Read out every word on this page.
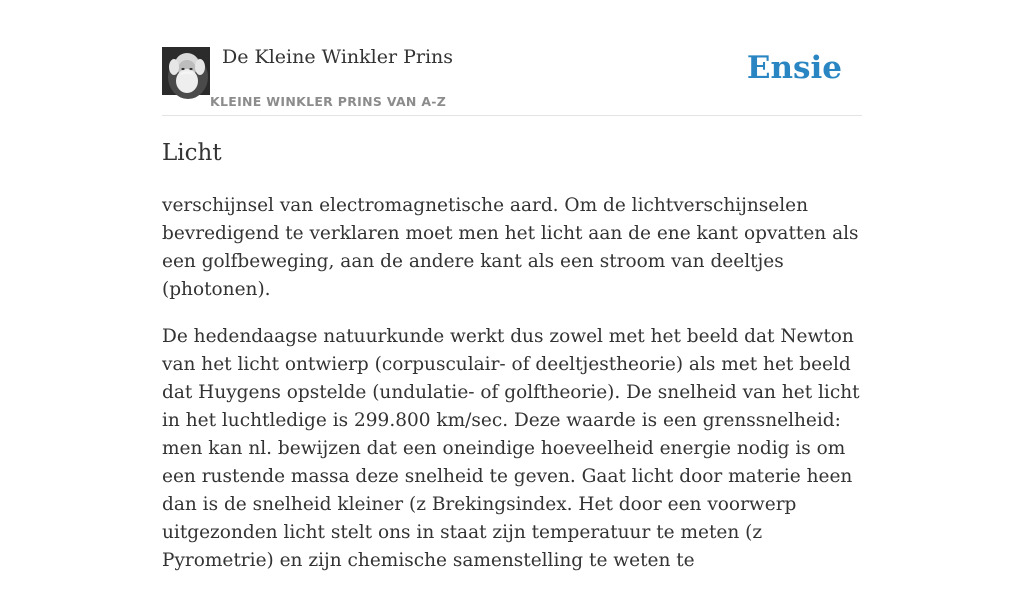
De Kleine Winkler Prins
KLEINE WINKLER PRINS VAN A-Z
Ensie
Licht

verschijnsel van electromagnetische aard. Om de lichtverschijnselen bevredigend te verklaren moet men het licht aan de ene kant opvatten als een golfbeweging, aan de andere kant als een stroom van deeltjes (photonen).

De hedendaagse natuurkunde werkt dus zowel met het beeld dat Newton van het licht ontwierp (corpusculair- of deeltjestheorie) als met het beeld dat Huygens opstelde (undulatie- of golftheorie). De snelheid van het licht in het luchtledige is 299.800 km/sec. Deze waarde is een grenssnelheid: men kan nl. bewijzen dat een oneindige hoeveelheid energie nodig is om een rustende massa deze snelheid te geven. Gaat licht door materie heen dan is de snelheid kleiner (z Brekingsindex. Het door een voorwerp uitgezonden licht stelt ons in staat zijn temperatuur te meten (z Pyrometrie) en zijn chemische samenstelling te weten te
